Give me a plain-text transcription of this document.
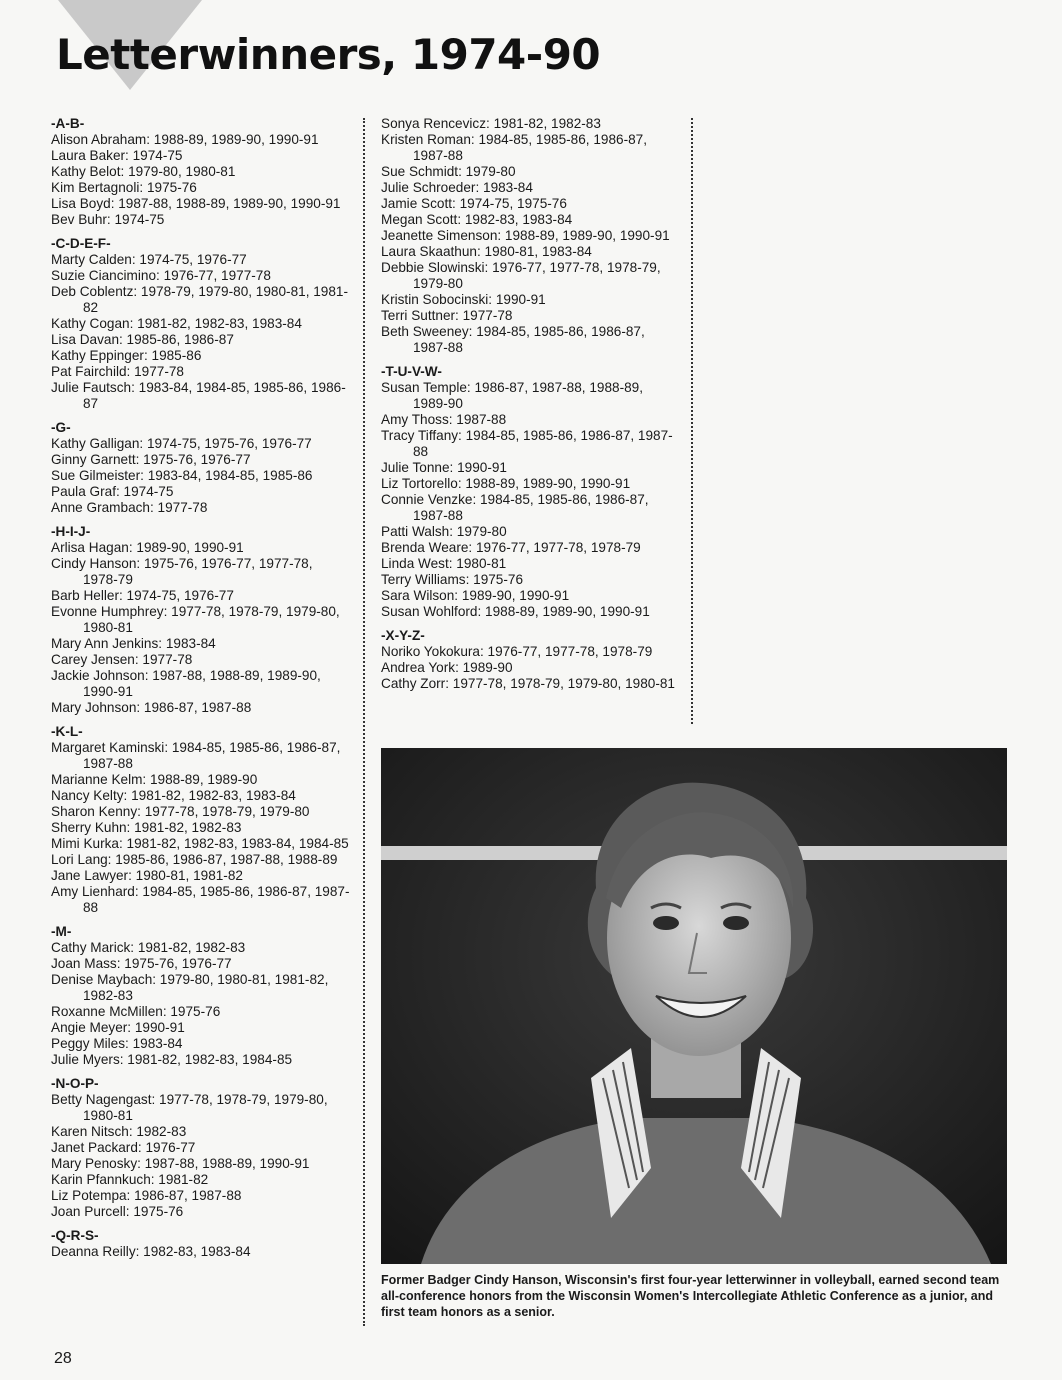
Letterwinners, 1974-90
-A-B-
Alison Abraham: 1988-89, 1989-90, 1990-91
Laura Baker: 1974-75
Kathy Belot: 1979-80, 1980-81
Kim Bertagnoli: 1975-76
Lisa Boyd: 1987-88, 1988-89, 1989-90, 1990-91
Bev Buhr: 1974-75
-C-D-E-F-
Marty Calden: 1974-75, 1976-77
Suzie Ciancimino: 1976-77, 1977-78
Deb Coblentz: 1978-79, 1979-80, 1980-81, 1981-82
Kathy Cogan: 1981-82, 1982-83, 1983-84
Lisa Davan: 1985-86, 1986-87
Kathy Eppinger: 1985-86
Pat Fairchild: 1977-78
Julie Fautsch: 1983-84, 1984-85, 1985-86, 1986-87
-G-
Kathy Galligan: 1974-75, 1975-76, 1976-77
Ginny Garnett: 1975-76, 1976-77
Sue Gilmeister: 1983-84, 1984-85, 1985-86
Paula Graf: 1974-75
Anne Grambach: 1977-78
-H-I-J-
Arlisa Hagan: 1989-90, 1990-91
Cindy Hanson: 1975-76, 1976-77, 1977-78, 1978-79
Barb Heller: 1974-75, 1976-77
Evonne Humphrey: 1977-78, 1978-79, 1979-80, 1980-81
Mary Ann Jenkins: 1983-84
Carey Jensen: 1977-78
Jackie Johnson: 1987-88, 1988-89, 1989-90, 1990-91
Mary Johnson: 1986-87, 1987-88
-K-L-
Margaret Kaminski: 1984-85, 1985-86, 1986-87, 1987-88
Marianne Kelm: 1988-89, 1989-90
Nancy Kelty: 1981-82, 1982-83, 1983-84
Sharon Kenny: 1977-78, 1978-79, 1979-80
Sherry Kuhn: 1981-82, 1982-83
Mimi Kurka: 1981-82, 1982-83, 1983-84, 1984-85
Lori Lang: 1985-86, 1986-87, 1987-88, 1988-89
Jane Lawyer: 1980-81, 1981-82
Amy Lienhard: 1984-85, 1985-86, 1986-87, 1987-88
-M-
Cathy Marick: 1981-82, 1982-83
Joan Mass: 1975-76, 1976-77
Denise Maybach: 1979-80, 1980-81, 1981-82, 1982-83
Roxanne McMillen: 1975-76
Angie Meyer: 1990-91
Peggy Miles: 1983-84
Julie Myers: 1981-82, 1982-83, 1984-85
-N-O-P-
Betty Nagengast: 1977-78, 1978-79, 1979-80, 1980-81
Karen Nitsch: 1982-83
Janet Packard: 1976-77
Mary Penosky: 1987-88, 1988-89, 1990-91
Karin Pfannkuch: 1981-82
Liz Potempa: 1986-87, 1987-88
Joan Purcell: 1975-76
-Q-R-S-
Deanna Reilly: 1982-83, 1983-84
Sonya Rencevicz: 1981-82, 1982-83
Kristen Roman: 1984-85, 1985-86, 1986-87, 1987-88
Sue Schmidt: 1979-80
Julie Schroeder: 1983-84
Jamie Scott: 1974-75, 1975-76
Megan Scott: 1982-83, 1983-84
Jeanette Simenson: 1988-89, 1989-90, 1990-91
Laura Skaathun: 1980-81, 1983-84
Debbie Slowinski: 1976-77, 1977-78, 1978-79, 1979-80
Kristin Sobocinski: 1990-91
Terri Suttner: 1977-78
Beth Sweeney: 1984-85, 1985-86, 1986-87, 1987-88
-T-U-V-W-
Susan Temple: 1986-87, 1987-88, 1988-89, 1989-90
Amy Thoss: 1987-88
Tracy Tiffany: 1984-85, 1985-86, 1986-87, 1987-88
Julie Tonne: 1990-91
Liz Tortorello: 1988-89, 1989-90, 1990-91
Connie Venzke: 1984-85, 1985-86, 1986-87, 1987-88
Patti Walsh: 1979-80
Brenda Weare: 1976-77, 1977-78, 1978-79
Linda West: 1980-81
Terry Williams: 1975-76
Sara Wilson: 1989-90, 1990-91
Susan Wohlford: 1988-89, 1989-90, 1990-91
-X-Y-Z-
Noriko Yokokura: 1976-77, 1977-78, 1978-79
Andrea York: 1989-90
Cathy Zorr: 1977-78, 1978-79, 1979-80, 1980-81

Former Badger Cindy Hanson, Wisconsin's first four-year letterwinner in volleyball, earned second team all-conference honors from the Wisconsin Women's Intercollegiate Athletic Conference as a junior, and first team honors as a senior.

28
